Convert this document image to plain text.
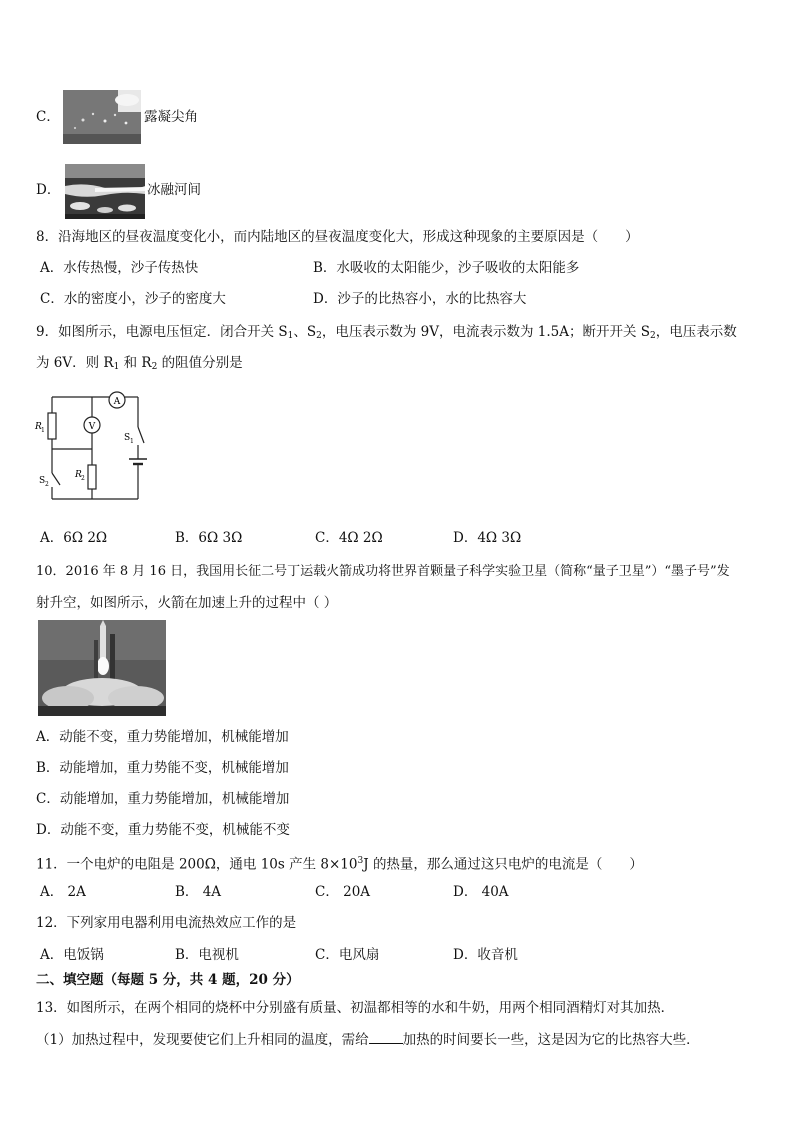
C．	露凝尖角
D．	冰融河间
8．沿海地区的昼夜温度变化小，而内陆地区的昼夜温度变化大，形成这种现象的主要原因是（　　）
A．水传热慢，沙子传热快	B．水吸收的太阳能少，沙子吸收的太阳能多
C．水的密度小，沙子的密度大	D．沙子的比热容小，水的比热容大
9．如图所示，电源电压恒定．闭合开关 $S_1$、$S_2$，电压表示数为 9V，电流表示数为 1.5A；断开开关 $S_2$，电压表示数
为 6V．则 $R_1$ 和 $R_2$ 的阻值分别是
A
V
R 1
R 2
S 1
S 2
A．6Ω 2Ω	B．6Ω 3Ω	C．4Ω 2Ω	D．4Ω 3Ω
10．2016 年 8 月 16 日，我国用长征二号丁运载火箭成功将世界首颗量子科学实验卫星（简称“量子卫星”）“墨子号”发
射升空，如图所示，火箭在加速上升的过程中（ ）
A．动能不变，重力势能增加，机械能增加
B．动能增加，重力势能不变，机械能增加
C．动能增加，重力势能增加，机械能增加
D．动能不变，重力势能不变，机械能不变
11．一个电炉的电阻是 200Ω，通电 10s 产生 $8\times 10^3J$ 的热量，那么通过这只电炉的电流是（　　）
A． 2A	B． 4A	C． 20A	D． 40A
12．下列家用电器利用电流热效应工作的是
A．电饭锅	B．电视机	C．电风扇	D．收音机
二、填空题（每题 5 分，共 4 题，20 分）
13．如图所示，在两个相同的烧杯中分别盛有质量、初温都相等的水和牛奶，用两个相同酒精灯对其加热．
（1）加热过程中，发现要使它们上升相同的温度，需给	加热的时间要长一些，这是因为它的比热容大些．
